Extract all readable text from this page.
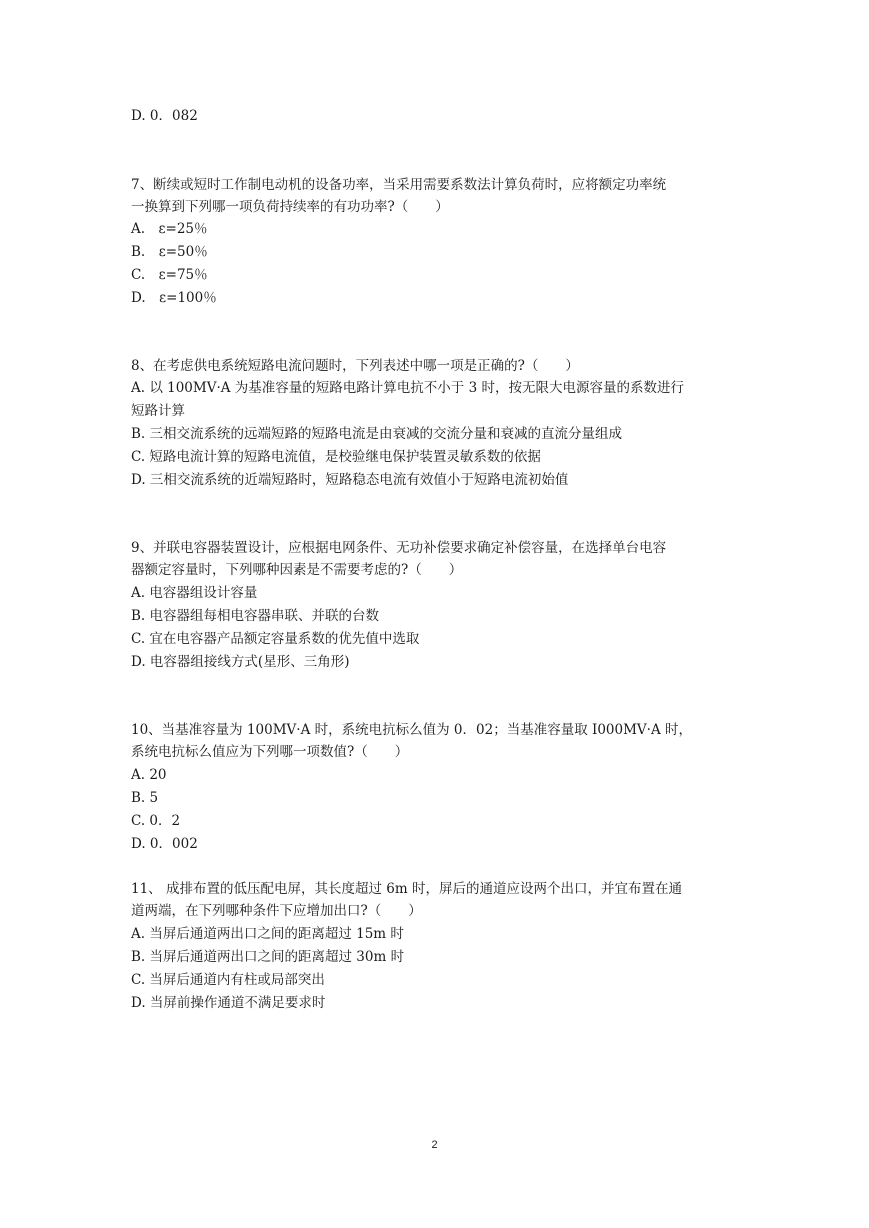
D. 0．082
7、断续或短时工作制电动机的设备功率，当采用需要系数法计算负荷时，应将额定功率统
一换算到下列哪一项负荷持续率的有功功率?（　　）
A.　ε=25％
B.　ε=50％
C.　ε=75％
D.　ε=100％
8、在考虑供电系统短路电流问题时，下列表述中哪一项是正确的?（　　）
A. 以 100MV·A 为基准容量的短路电路计算电抗不小于 3 时，按无限大电源容量的系数进行
短路计算
B. 三相交流系统的远端短路的短路电流是由衰减的交流分量和衰减的直流分量组成
C. 短路电流计算的短路电流值，是校验继电保护装置灵敏系数的依据
D. 三相交流系统的近端短路时，短路稳态电流有效值小于短路电流初始值
9、并联电容器装置设计，应根据电网条件、无功补偿要求确定补偿容量，在选择单台电容
器额定容量时，下列哪种因素是不需要考虑的?（　　）
A. 电容器组设计容量
B. 电容器组每相电容器串联、并联的台数
C. 宜在电容器产品额定容量系数的优先值中选取
D. 电容器组接线方式(星形、三角形)
10、当基准容量为 100MV·A 时，系统电抗标么值为 0．02；当基准容量取 I000MV·A 时，
系统电抗标么值应为下列哪一项数值?（　　）
A. 20
B. 5
C. 0．2
D. 0．002
11、 成排布置的低压配电屏，其长度超过 6m 时，屏后的通道应设两个出口，并宜布置在通
道两端，在下列哪种条件下应增加出口?（　　）
A. 当屏后通道两出口之间的距离超过 15m 时
B. 当屏后通道两出口之间的距离超过 30m 时
C. 当屏后通道内有柱或局部突出
D. 当屏前操作通道不满足要求时
2
